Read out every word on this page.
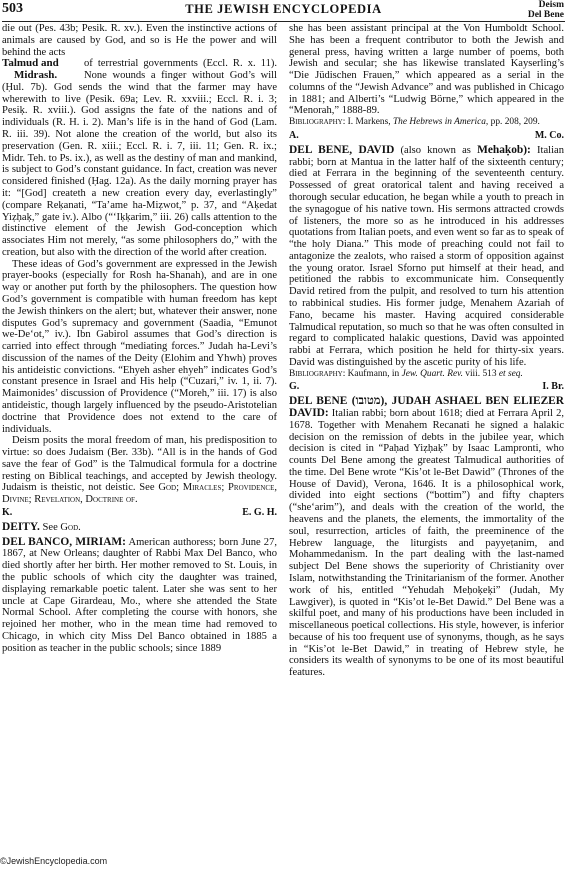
503	THE JEWISH ENCYCLOPEDIA	Deism
Del Bene

die out (Pes. 43b; Pesik. R. xv.). Even the instinctive actions of animals are caused by God, and so is He the power and will behind the acts

Talmud and
Midrash.
of terrestrial governments (Eccl. R. x. 11). None wounds a finger without God’s will (Ḥul. 7b). God sends the wind that the farmer may have wherewith to live (Pesik. 69a; Lev. R. xxviii.; Eccl. R. i. 3; Pesiḳ. R. xviii.). God assigns the fate of the nations and of individuals (R. H. i. 2). Man’s life is in the hand of God (Lam. R. iii. 39). Not alone the creation of the world, but also its preservation (Gen. R. xiii.; Eccl. R. i. 7, iii. 11; Gen. R. ix.; Midr. Teh. to Ps. ix.), as well as the destiny of man and mankind, is subject to God’s constant guidance. In fact, creation was never considered finished (Ḥag. 12a). As the daily morning prayer has it: “[God] createth a new creation every day, everlastingly” (compare Reḳanati, “Ta’ame ha-Miẓwot,” p. 37, and “Aḳedat Yiẓḥaḳ,” gate iv.). Albo (“‘Iḳḳarim,” iii. 26) calls attention to the distinctive element of the Jewish God-conception which associates Him not merely, “as some philosophers do,” with the creation, but also with the direction of the world after creation.

These ideas of God’s government are expressed in the Jewish prayer-books (especially for Rosh ha-Shanah), and are in one way or another put forth by the philosophers. The question how God’s government is compatible with human freedom has kept the Jewish thinkers on the alert; but, whatever their answer, none disputes God’s supremacy and government (Saadia, “Emunot we-De‘ot,” iv.). Ibn Gabirol assumes that God’s direction is carried into effect through “mediating forces.” Judah ha-Levi’s discussion of the names of the Deity (Elohim and Yhwh) proves his antideistic convictions. “Ehyeh asher ehyeh” indicates God’s constant presence in Israel and His help (“Cuzari,” iv. 1, ii. 7). Maimonides’ discussion of Providence (“Moreh,” iii. 17) is also antideistic, though largely influenced by the pseudo-Aristotelian doctrine that Providence does not extend to the care of individuals.

Deism posits the moral freedom of man, his predisposition to virtue: so does Judaism (Ber. 33b). “All is in the hands of God save the fear of God” is the Talmudical formula for a doctrine resting on Biblical teachings, and accepted by Jewish theology. Judaism is theistic, not deistic. See God; Miracles; Providence, Divine; Revelation, Doctrine of.

K.	E. G. H.

DEITY. See God.

DEL BANCO, MIRIAM: American authoress; born June 27, 1867, at New Orleans; daughter of Rabbi Max Del Banco, who died shortly after her birth. Her mother removed to St. Louis, in the public schools of which city the daughter was trained, displaying remarkable poetic talent. Later she was sent to her uncle at Cape Girardeau, Mo., where she attended the State Normal School. After completing the course with honors, she rejoined her mother, who in the mean time had removed to Chicago, in which city Miss Del Banco obtained in 1885 a position as teacher in the public schools; since 1889

she has been assistant principal at the Von Humboldt School. She has been a frequent contributor to both the Jewish and general press, having written a large number of poems, both Jewish and secular; she has likewise translated Kayserling’s “Die Jüdischen Frauen,” which appeared as a serial in the columns of the “Jewish Advance” and was published in Chicago in 1881; and Alberti’s “Ludwig Börne,” which appeared in the “Menorah,” 1888-89.

Bibliography: I. Markens, The Hebrews in America, pp. 208, 209.

A.	M. Co.

DEL BENE, DAVID (also known as Mehaḳob): Italian rabbi; born at Mantua in the latter half of the sixteenth century; died at Ferrara in the beginning of the seventeenth century. Possessed of great oratorical talent and having received a thorough secular education, he began while a youth to preach in the synagogue of his native town. His sermons attracted crowds of listeners, the more so as he introduced in his addresses quotations from Italian poets, and even went so far as to speak of “the holy Diana.” This mode of preaching could not fail to antagonize the zealots, who raised a storm of opposition against the young orator. Israel Sforno put himself at their head, and petitioned the rabbis to excommunicate him. Consequently David retired from the pulpit, and resolved to turn his attention to rabbinical studies. His former judge, Menahem Azariah of Fano, became his master. Having acquired considerable Talmudical reputation, so much so that he was often consulted in regard to complicated halakic questions, David was appointed rabbi at Ferrara, which position he held for thirty-six years. David was distinguished by the ascetic purity of his life.

Bibliography: Kaufmann, in Jew. Quart. Rev. viii. 513 et seq.

G.	I. Br.

DEL BENE (מטובו), JUDAH ASHAEL BEN ELIEZER DAVID: Italian rabbi; born about 1618; died at Ferrara April 2, 1678. Together with Menahem Recanati he signed a halakic decision on the remission of debts in the jubilee year, which decision is cited in “Paḥad Yiẓḥaḳ” by Isaac Lampronti, who counts Del Bene among the greatest Talmudical authorities of the time. Del Bene wrote “Kis’ot le-Bet Dawid” (Thrones of the House of David), Verona, 1646. It is a philosophical work, divided into eight sections (“bottim”) and fifty chapters (“she‘arim”), and deals with the creation of the world, the heavens and the planets, the elements, the immortality of the soul, resurrection, articles of faith, the preeminence of the Hebrew language, the liturgists and payyeṭanim, and Mohammedanism. In the part dealing with the last-named subject Del Bene shows the superiority of Christianity over Islam, notwithstanding the Trinitarianism of the former. Another work of his, entitled “Yehudah Meḥoḳeḳi” (Judah, My Lawgiver), is quoted in “Kis’ot le-Bet Dawid.” Del Bene was a skilful poet, and many of his productions have been included in miscellaneous poetical collections. His style, however, is inferior because of his too frequent use of synonyms, though, as he says in “Kis’ot le-Bet Dawid,” in treating of Hebrew style, he considers its wealth of synonyms to be one of its most beautiful features.

©JewishEncyclopedia.com
